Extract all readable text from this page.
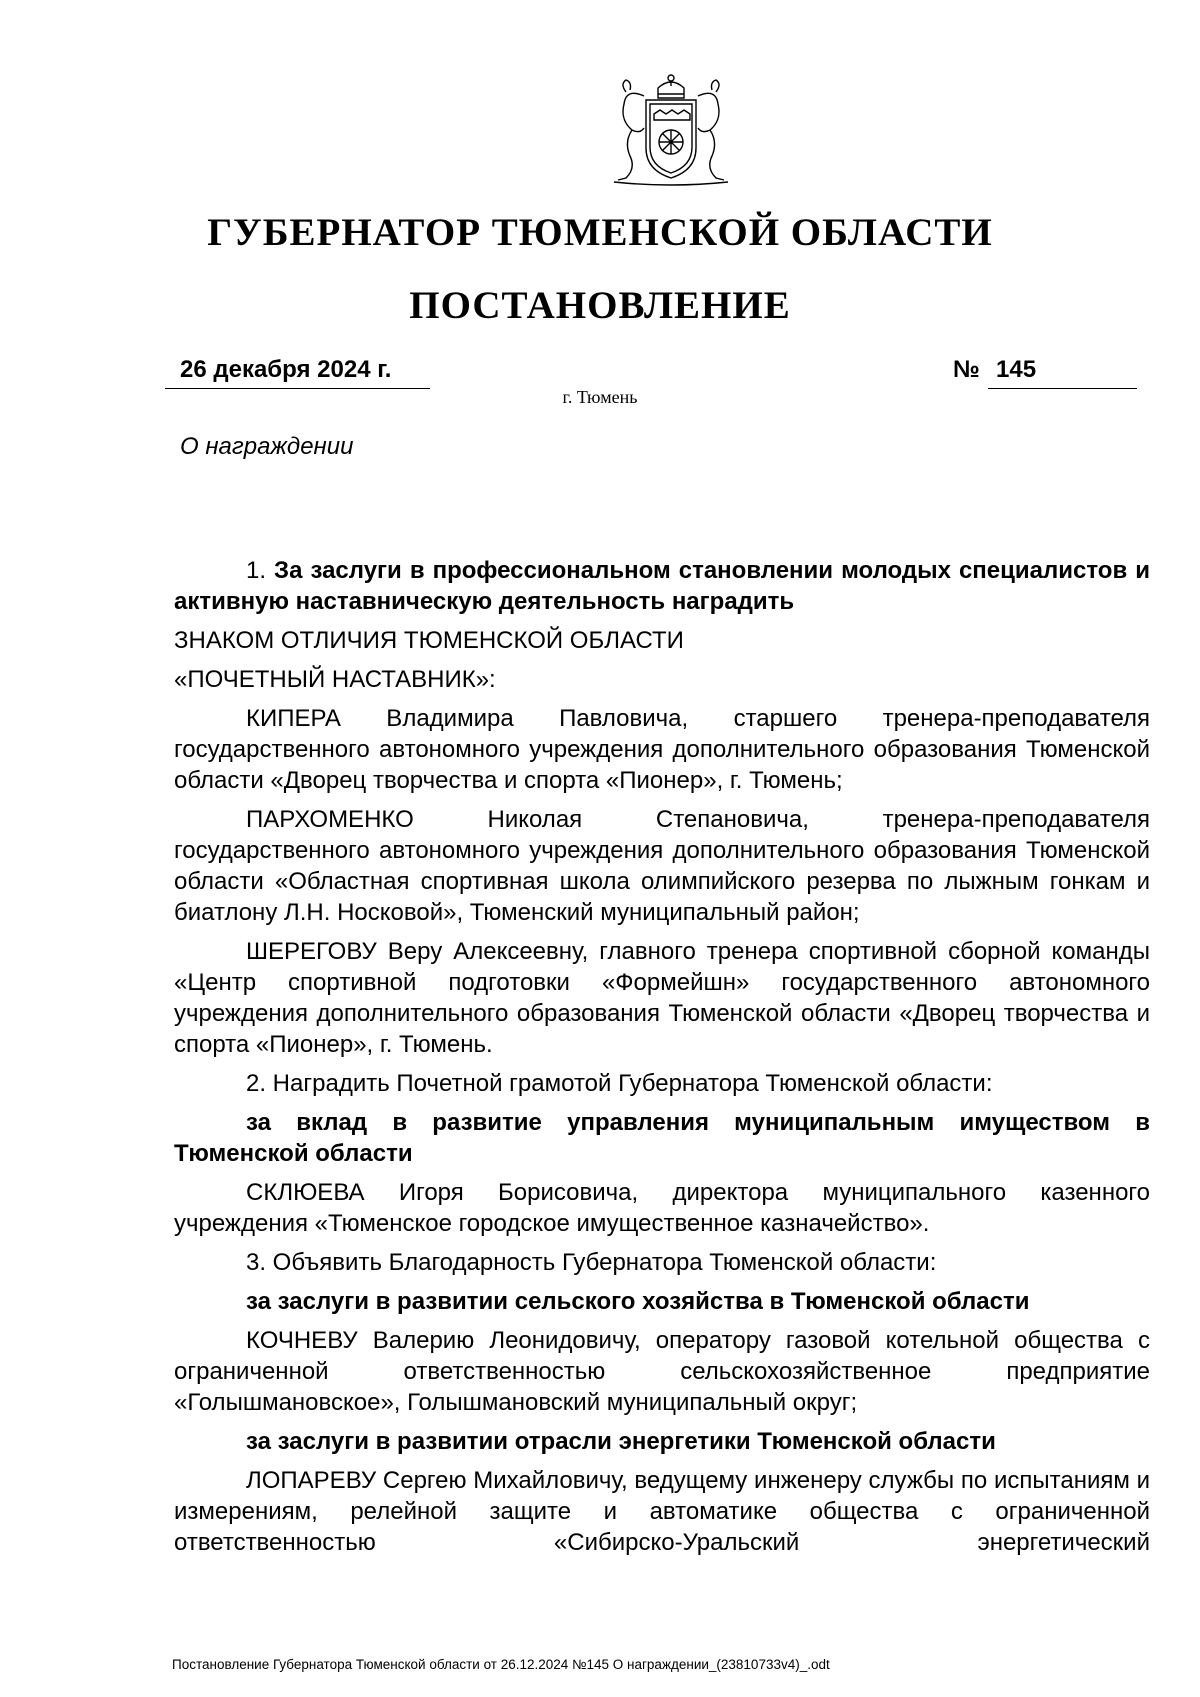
ГУБЕРНАТОР ТЮМЕНСКОЙ ОБЛАСТИ
ПОСТАНОВЛЕНИЕ
26 декабря 2024 г.	№ 145
г. Тюмень
О награждении

1. За заслуги в профессиональном становлении молодых специалистов и активную наставническую деятельность наградить

ЗНАКОМ ОТЛИЧИЯ ТЮМЕНСКОЙ ОБЛАСТИ

«ПОЧЕТНЫЙ НАСТАВНИК»:

КИПЕРА Владимира Павловича, старшего тренера-преподавателя государственного автономного учреждения дополнительного образования Тюменской области «Дворец творчества и спорта «Пионер», г. Тюмень;

ПАРХОМЕНКО Николая Степановича, тренера-преподавателя государственного автономного учреждения дополнительного образования Тюменской области «Областная спортивная школа олимпийского резерва по лыжным гонкам и биатлону Л.Н. Носковой», Тюменский муниципальный район;

ШЕРЕГОВУ Веру Алексеевну, главного тренера спортивной сборной команды «Центр спортивной подготовки «Формейшн» государственного автономного учреждения дополнительного образования Тюменской области «Дворец творчества и спорта «Пионер», г. Тюмень.

2. Наградить Почетной грамотой Губернатора Тюменской области:

за вклад в развитие управления муниципальным имуществом в Тюменской области

СКЛЮЕВА Игоря Борисовича, директора муниципального казенного учреждения «Тюменское городское имущественное казначейство».

3. Объявить Благодарность Губернатора Тюменской области:

за заслуги в развитии сельского хозяйства в Тюменской области

КОЧНЕВУ Валерию Леонидовичу, оператору газовой котельной общества с ограниченной ответственностью сельскохозяйственное предприятие «Голышмановское», Голышмановский муниципальный округ;

за заслуги в развитии отрасли энергетики Тюменской области

ЛОПАРЕВУ Сергею Михайловичу, ведущему инженеру службы по испытаниям и измерениям, релейной защите и автоматике общества с ограниченной ответственностью «Сибирско-Уральский энергетический

Постановление Губернатора Тюменской области от 26.12.2024 №145 О награждении_(23810733v4)_.odt
